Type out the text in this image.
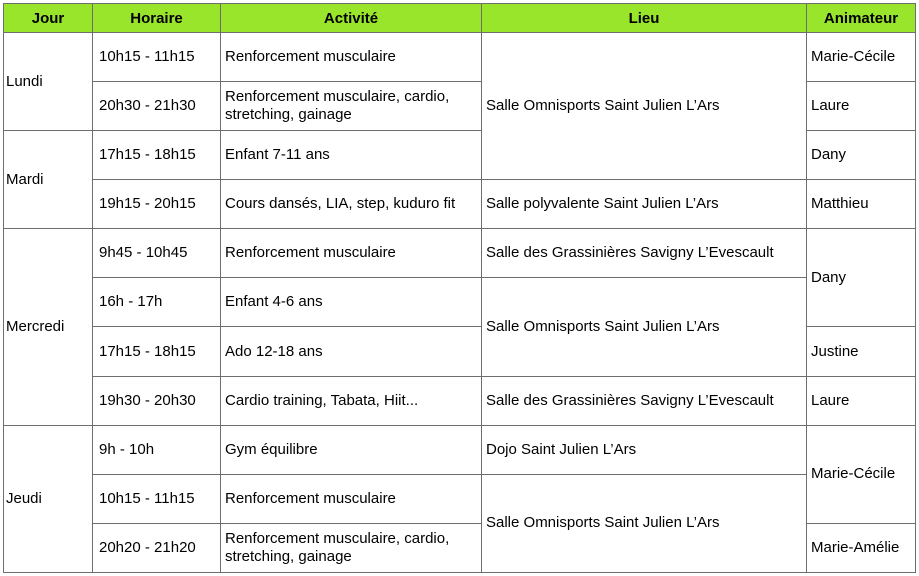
Jour	Horaire	Activité	Lieu	Animateur
Lundi	10h15 - 11h15	Renforcement musculaire	Salle Omnisports Saint Julien L’Ars	Marie-Cécile
	20h30 - 21h30	Renforcement musculaire, cardio, stretching, gainage		Laure
Mardi	17h15 - 18h15	Enfant 7-11 ans		Dany
	19h15 - 20h15	Cours dansés, LIA, step, kuduro fit	Salle polyvalente Saint Julien L’Ars	Matthieu
Mercredi	9h45 - 10h45	Renforcement musculaire	Salle des Grassinières Savigny L’Evescault	Dany
	16h - 17h	Enfant 4-6 ans	Salle Omnisports Saint Julien L’Ars	
	17h15 - 18h15	Ado 12-18 ans		Justine
	19h30 - 20h30	Cardio training, Tabata, Hiit...	Salle des Grassinières Savigny L’Evescault	Laure
Jeudi	9h - 10h	Gym équilibre	Dojo Saint Julien L’Ars	Marie-Cécile
	10h15 - 11h15	Renforcement musculaire	Salle Omnisports Saint Julien L’Ars	
	20h20 - 21h20	Renforcement musculaire, cardio, stretching, gainage		Marie-Amélie
